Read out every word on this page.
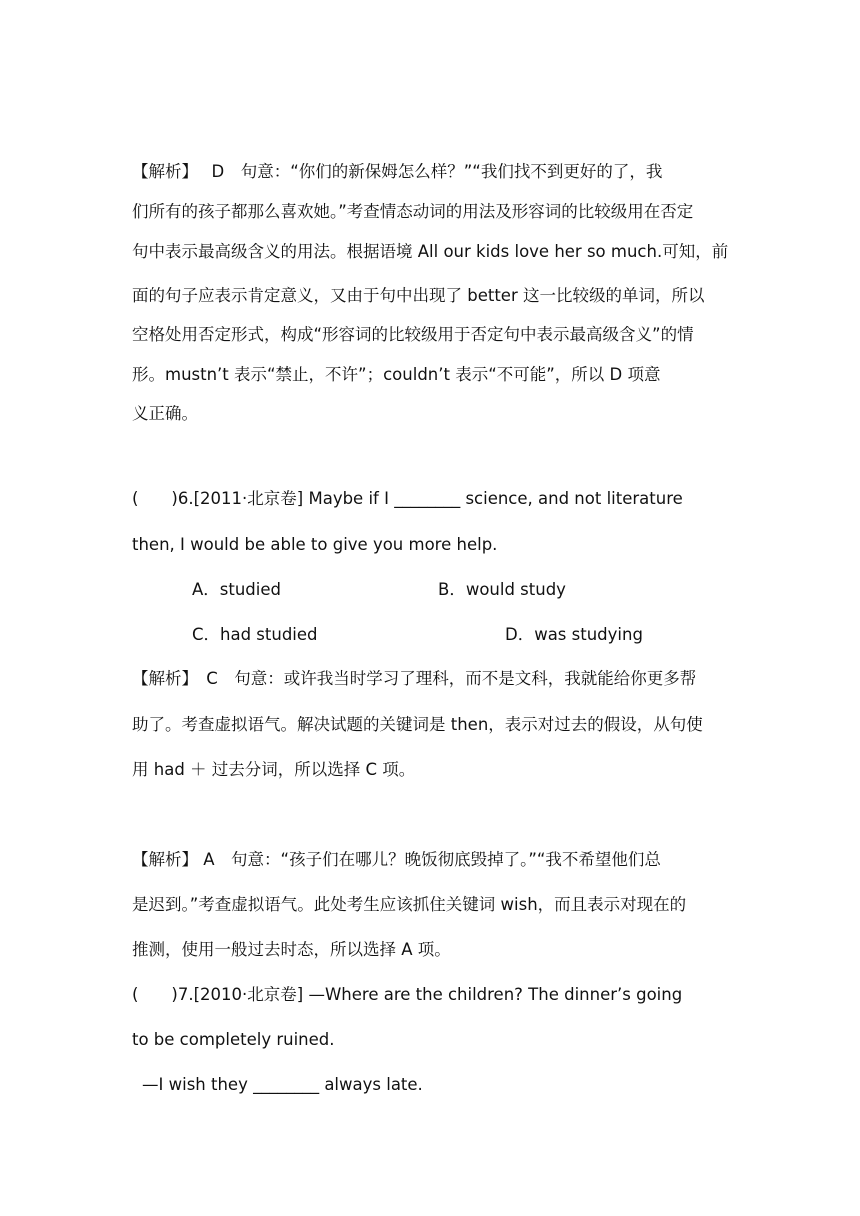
【解析】　 D　句意：“你们的新保姆怎么样？”“我们找不到更好的了，我
们所有的孩子都那么喜欢她。”考查情态动词的用法及形容词的比较级用在否定
句中表示最高级含义的用法。根据语境 All our kids love her so much.可知，前
面的句子应表示肯定意义，又由于句中出现了 better 这一比较级的单词，所以
空格处用否定形式，构成“形容词的比较级用于否定句中表示最高级含义”的情
形。mustn’t 表示“禁止，不许”；couldn’t 表示“不可能”，所以 D 项意
义正确。
(　　)6.[2011·北京卷] Maybe if I ________ science, and not literature
then, I would be able to give you more help.
A．studied	B．would study
C．had studied	D．was studying
【解析】　C　句意：或许我当时学习了理科，而不是文科，我就能给你更多帮
助了。考查虚拟语气。解决试题的关键词是 then，表示对过去的假设，从句使
用 had ＋ 过去分词，所以选择 C 项。
【解析】 A　句意：“孩子们在哪儿？晚饭彻底毁掉了。”“我不希望他们总
是迟到。”考查虚拟语气。此处考生应该抓住关键词 wish，而且表示对现在的
推测，使用一般过去时态，所以选择 A 项。
(　　)7.[2010·北京卷] —Where are the children? The dinner’s going
to be completely ruined.
—I wish they ________ always late.
